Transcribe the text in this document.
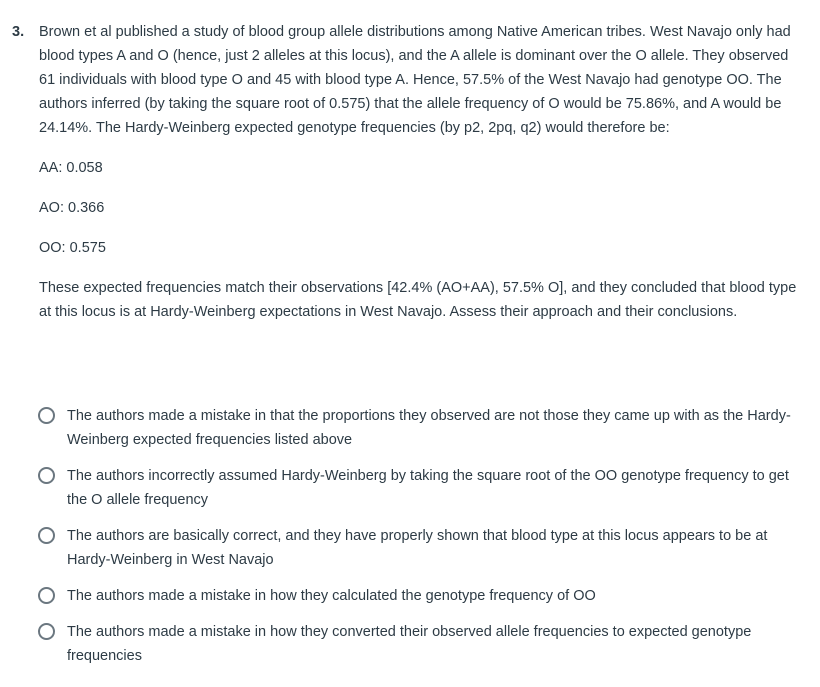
3. Brown et al published a study of blood group allele distributions among Native American tribes. West Navajo only had blood types A and O (hence, just 2 alleles at this locus), and the A allele is dominant over the O allele. They observed 61 individuals with blood type O and 45 with blood type A. Hence, 57.5% of the West Navajo had genotype OO. The authors inferred (by taking the square root of 0.575) that the allele frequency of O would be 75.86%, and A would be 24.14%. The Hardy-Weinberg expected genotype frequencies (by p2, 2pq, q2) would therefore be:

AA: 0.058

AO: 0.366

OO: 0.575

These expected frequencies match their observations [42.4% (AO+AA), 57.5% O], and they concluded that blood type at this locus is at Hardy-Weinberg expectations in West Navajo. Assess their approach and their conclusions.

The authors made a mistake in that the proportions they observed are not those they came up with as the Hardy-Weinberg expected frequencies listed above
The authors incorrectly assumed Hardy-Weinberg by taking the square root of the OO genotype frequency to get the O allele frequency
The authors are basically correct, and they have properly shown that blood type at this locus appears to be at Hardy-Weinberg in West Navajo
The authors made a mistake in how they calculated the genotype frequency of OO
The authors made a mistake in how they converted their observed allele frequencies to expected genotype frequencies
